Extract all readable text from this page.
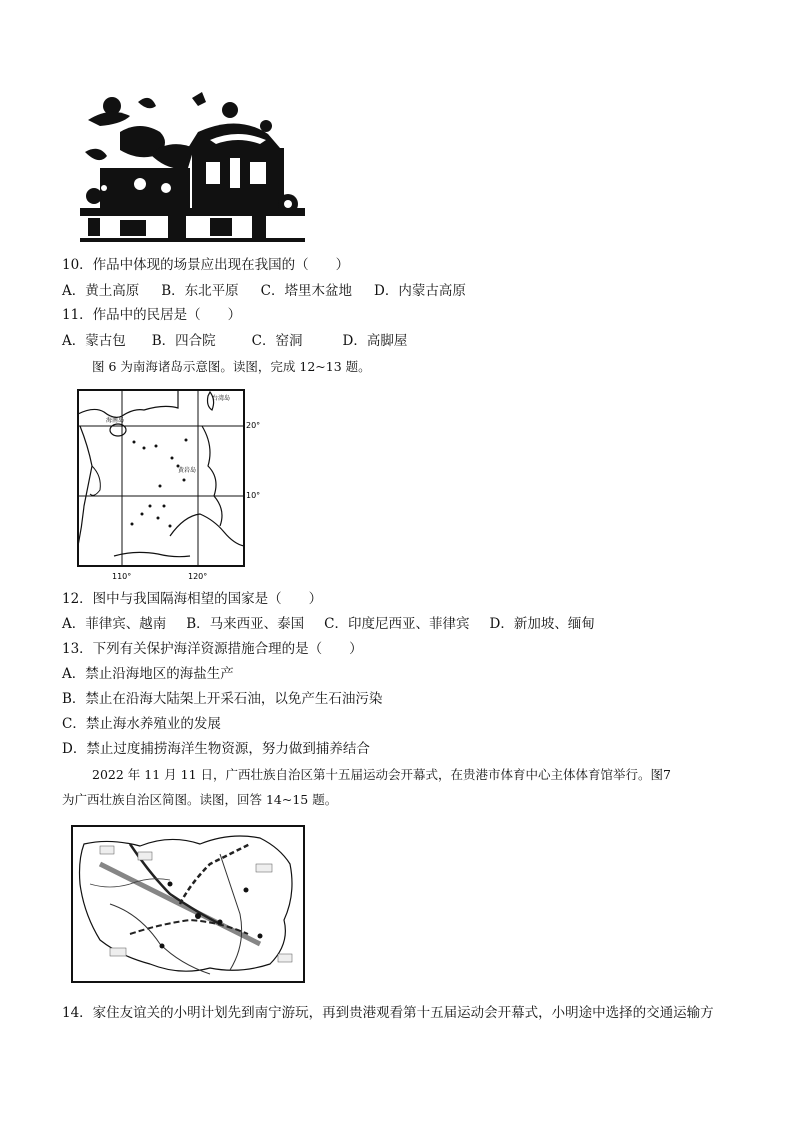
10．作品中体现的场景应出现在我国的（　　）
A．黄土高原 B．东北平原 C．塔里木盆地 D．内蒙古高原
11．作品中的民居是（　　）
A．蒙古包 B．四合院	C．窑洞	D．高脚屋
图 6 为南海诸岛示意图。读图，完成 12~13 题。
台湾岛
海南岛
黄岩岛
20°
10°
110°	120°
12．图中与我国隔海相望的国家是（　　）
A．菲律宾、越南 B．马来西亚、泰国 C．印度尼西亚、菲律宾 D．新加坡、缅甸
13．下列有关保护海洋资源措施合理的是（　　）
A．禁止沿海地区的海盐生产
B．禁止在沿海大陆架上开采石油，以免产生石油污染
C．禁止海水养殖业的发展
D．禁止过度捕捞海洋生物资源，努力做到捕养结合
2022 年 11 月 11 日，广西壮族自治区第十五届运动会开幕式，在贵港市体育中心主体体育馆举行。图7
为广西壮族自治区简图。读图，回答 14~15 题。
14．家住友谊关的小明计划先到南宁游玩，再到贵港观看第十五届运动会开幕式，小明途中选择的交通运输方
